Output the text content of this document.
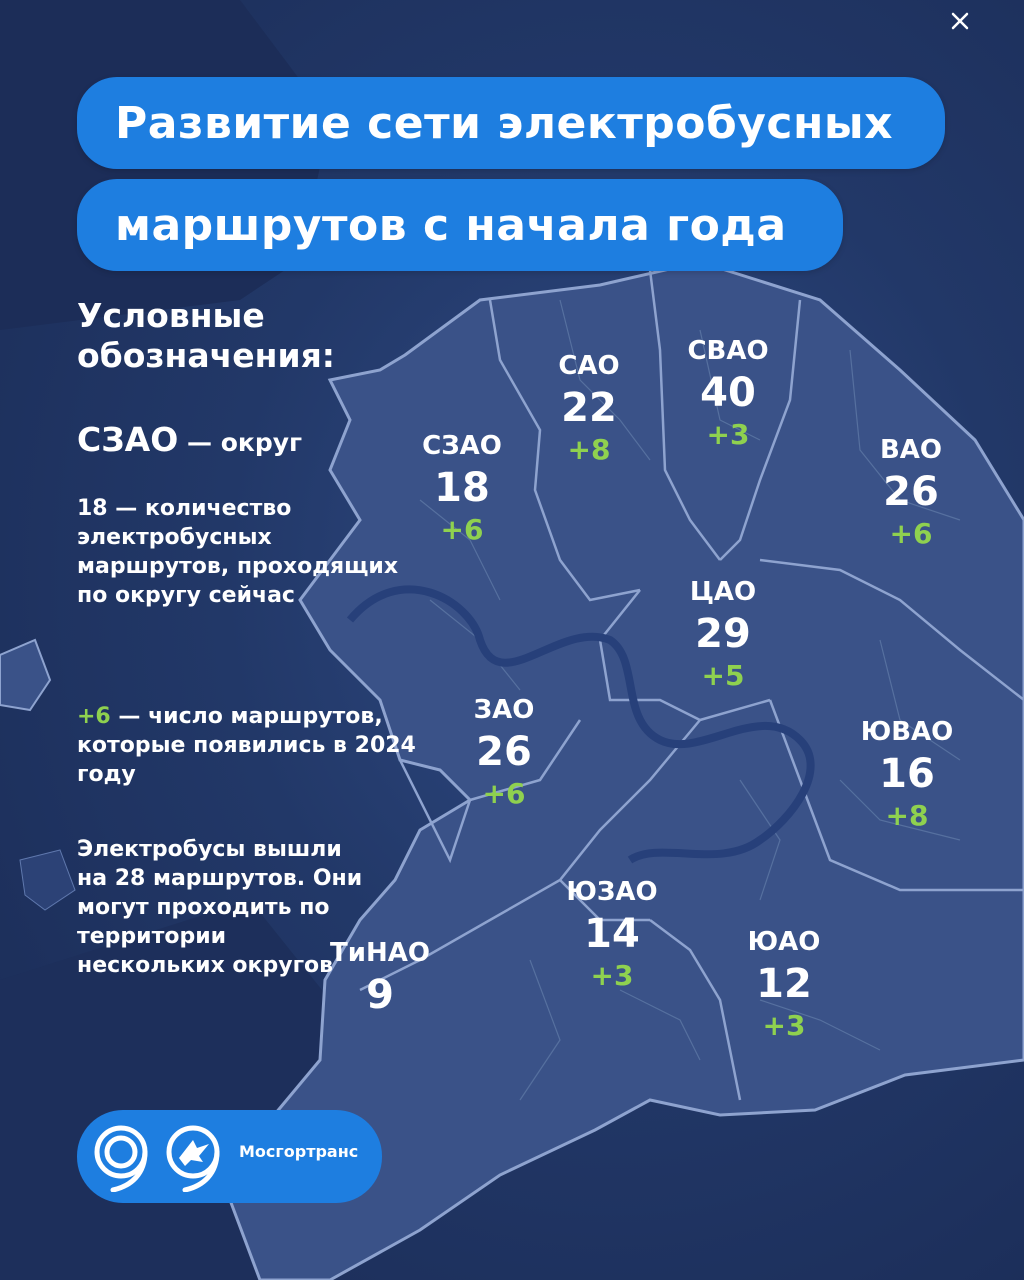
Развитие сети электробусных
маршрутов с начала года
Условные обозначения:
СЗАО — округ
18 — количество электробусных маршрутов, проходящих по округу сейчас
+6 — число маршрутов, которые появились в 2024 году
Электробусы вышли на 28 маршрутов. Они могут проходить по территории нескольких округов
САО
22
+8
СВАО
40
+3
СЗАО
18
+6
ВАО
26
+6
ЦАО
29
+5
ЗАО
26
+6
ЮВАО
16
+8
ЮЗАО
14
+3
ТиНАО
9
ЮАО
12
+3
Мосгортранс
